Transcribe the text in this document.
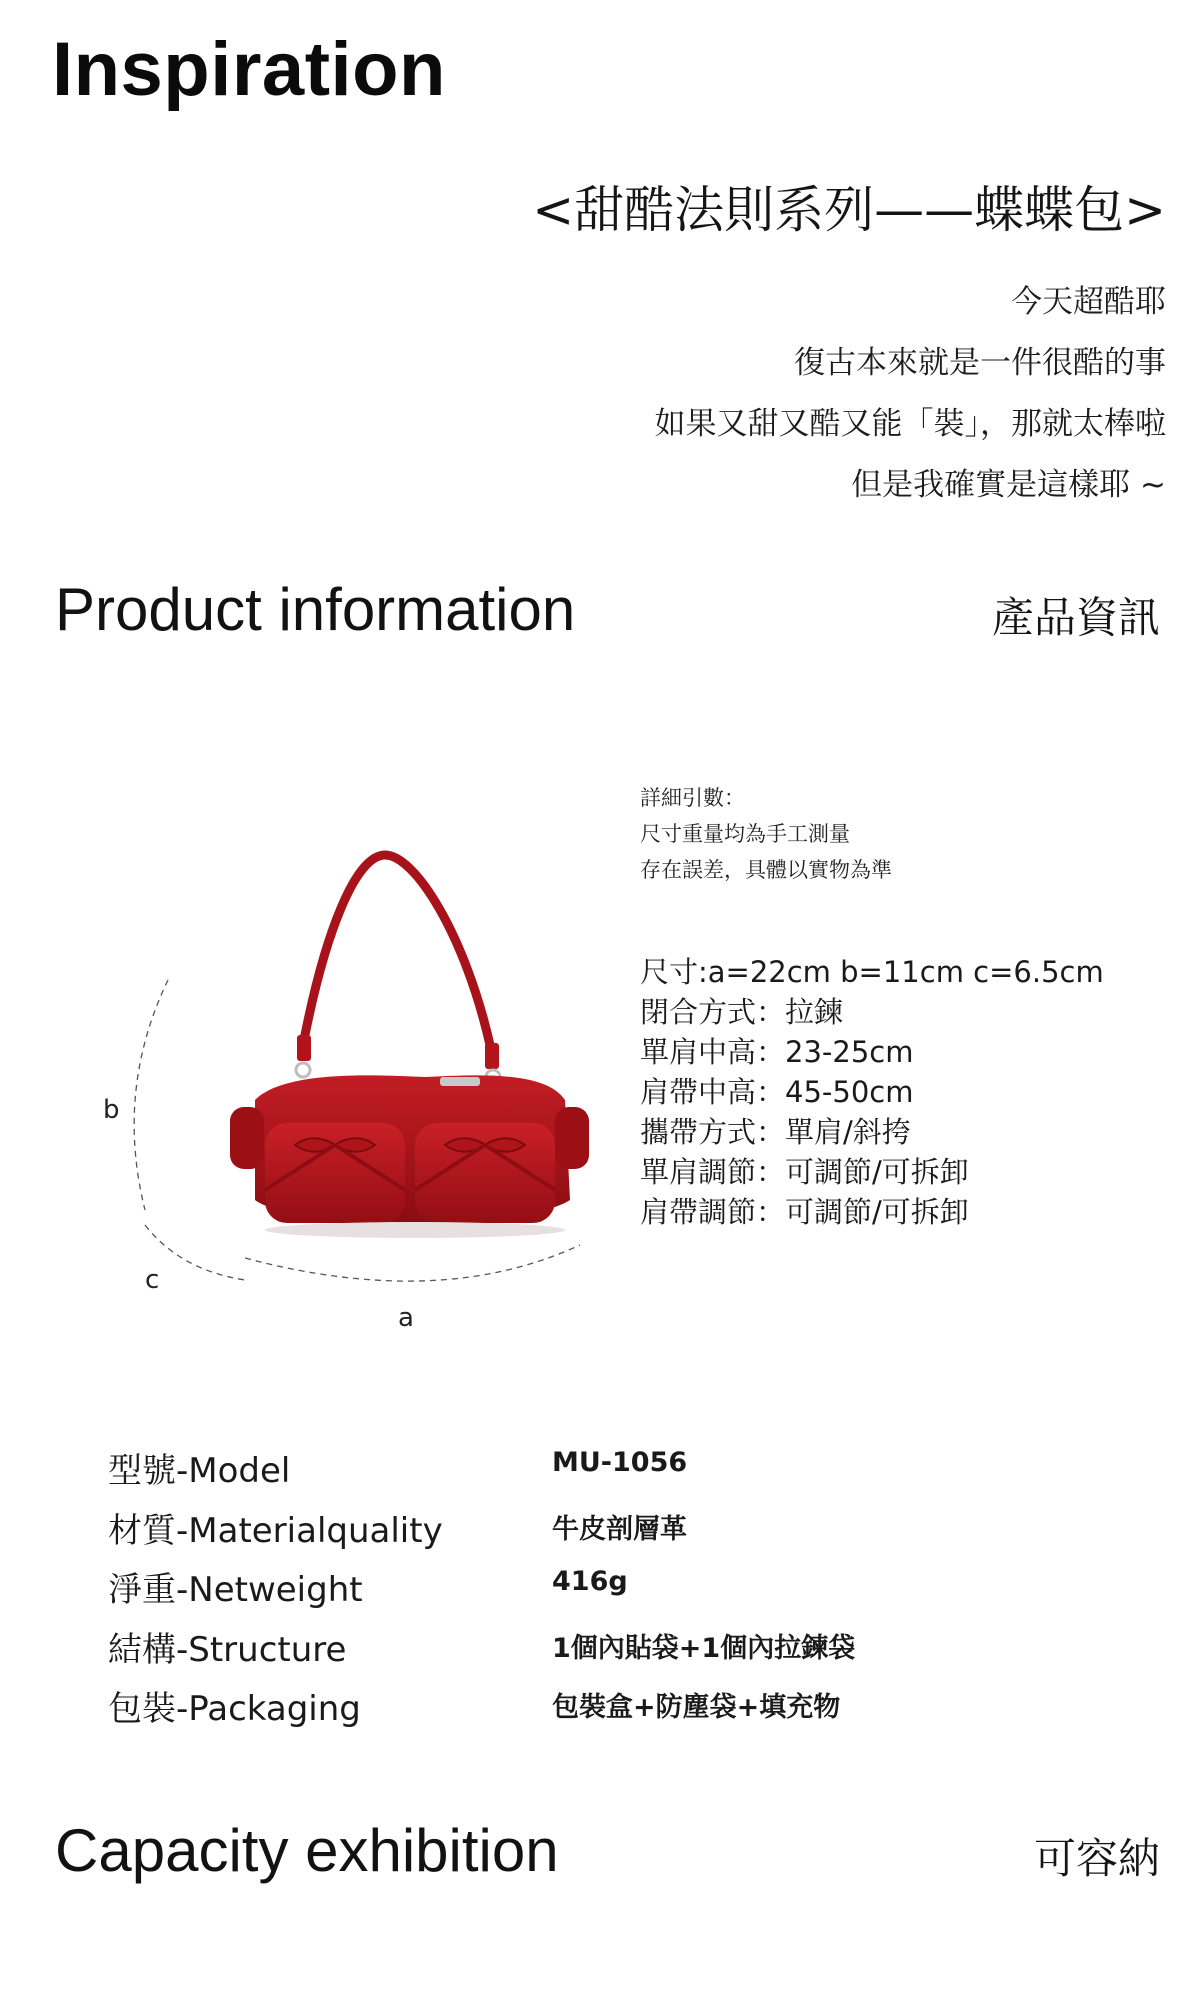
Inspiration
<甜酷法則系列——蝶蝶包>
今天超酷耶
復古本來就是一件很酷的事
如果又甜又酷又能「裝」，那就太棒啦
但是我確實是這樣耶 ~
Product information	產品資訊
b
c
a
詳細引數：
尺寸重量均為手工測量
存在誤差，具體以實物為準
尺寸:a=22cm b=11cm c=6.5cm
閉合方式：拉鍊
單肩中高：23-25cm
肩帶中高：45-50cm
攜帶方式：單肩/斜挎
單肩調節：可調節/可拆卸
肩帶調節：可調節/可拆卸
型號-Model	MU-1056
材質-Materialquality	牛皮剖層革
淨重-Netweight	416g
結構-Structure	1個內貼袋+1個內拉鍊袋
包裝-Packaging	包裝盒+防塵袋+填充物
Capacity exhibition	可容納
